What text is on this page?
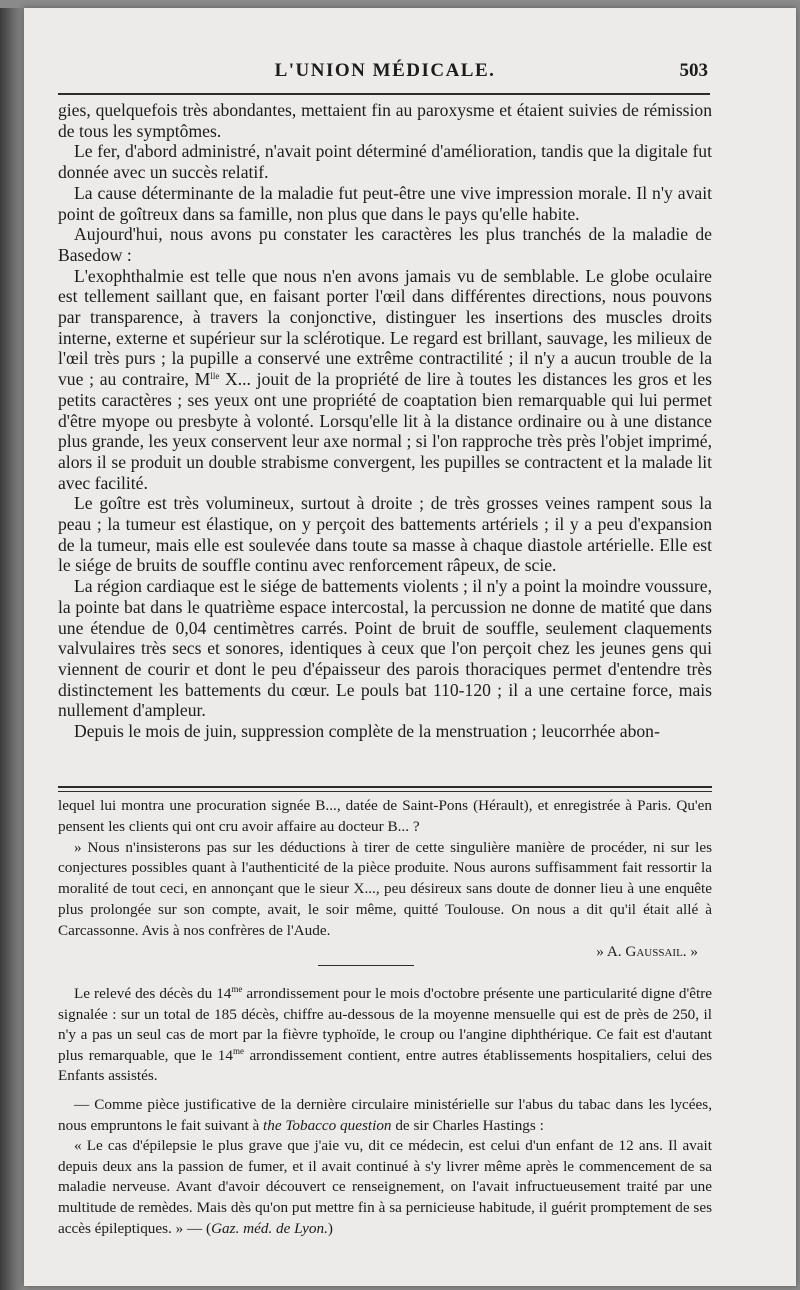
L'UNION MÉDICALE.	503

gies, quelquefois très abondantes, mettaient fin au paroxysme et étaient suivies de rémission de tous les symptômes.

Le fer, d'abord administré, n'avait point déterminé d'amélioration, tandis que la digitale fut donnée avec un succès relatif.

La cause déterminante de la maladie fut peut-être une vive impression morale. Il n'y avait point de goîtreux dans sa famille, non plus que dans le pays qu'elle habite.

Aujourd'hui, nous avons pu constater les caractères les plus tranchés de la maladie de Basedow :

L'exophthalmie est telle que nous n'en avons jamais vu de semblable. Le globe oculaire est tellement saillant que, en faisant porter l'œil dans différentes directions, nous pouvons par transparence, à travers la conjonctive, distinguer les insertions des muscles droits interne, externe et supérieur sur la sclérotique. Le regard est brillant, sauvage, les milieux de l'œil très purs ; la pupille a conservé une extrême contractilité ; il n'y a aucun trouble de la vue ; au contraire, $M^{lle}$ X... jouit de la propriété de lire à toutes les distances les gros et les petits caractères ; ses yeux ont une propriété de coaptation bien remarquable qui lui permet d'être myope ou presbyte à volonté. Lorsqu'elle lit à la distance ordinaire ou à une distance plus grande, les yeux conservent leur axe normal ; si l'on rapproche très près l'objet imprimé, alors il se produit un double strabisme convergent, les pupilles se contractent et la malade lit avec facilité.

Le goître est très volumineux, surtout à droite ; de très grosses veines rampent sous la peau ; la tumeur est élastique, on y perçoit des battements artériels ; il y a peu d'expansion de la tumeur, mais elle est soulevée dans toute sa masse à chaque diastole artérielle. Elle est le siége de bruits de souffle continu avec renforcement râpeux, de scie.

La région cardiaque est le siége de battements violents ; il n'y a point la moindre voussure, la pointe bat dans le quatrième espace intercostal, la percussion ne donne de matité que dans une étendue de 0,04 centimètres carrés. Point de bruit de souffle, seulement claquements valvulaires très secs et sonores, identiques à ceux que l'on perçoit chez les jeunes gens qui viennent de courir et dont le peu d'épaisseur des parois thoraciques permet d'entendre très distinctement les battements du cœur. Le pouls bat 110-120 ; il a une certaine force, mais nullement d'ampleur.

Depuis le mois de juin, suppression complète de la menstruation ; leucorrhée abon-

lequel lui montra une procuration signée B..., datée de Saint-Pons (Hérault), et enregistrée à Paris. Qu'en pensent les clients qui ont cru avoir affaire au docteur B... ?

» Nous n'insisterons pas sur les déductions à tirer de cette singulière manière de procéder, ni sur les conjectures possibles quant à l'authenticité de la pièce produite. Nous aurons suffisamment fait ressortir la moralité de tout ceci, en annonçant que le sieur X..., peu désireux sans doute de donner lieu à une enquête plus prolongée sur son compte, avait, le soir même, quitté Toulouse. On nous a dit qu'il était allé à Carcassonne. Avis à nos confrères de l'Aude.

» A. Gaussail. »

Le relevé des décès du $14^{me}$ arrondissement pour le mois d'octobre présente une particularité digne d'être signalée : sur un total de 185 décès, chiffre au-dessous de la moyenne mensuelle qui est de près de 250, il n'y a pas un seul cas de mort par la fièvre typhoïde, le croup ou l'angine diphthérique. Ce fait est d'autant plus remarquable, que le $14^{me}$ arrondissement contient, entre autres établissements hospitaliers, celui des Enfants assistés.

— Comme pièce justificative de la dernière circulaire ministérielle sur l'abus du tabac dans les lycées, nous empruntons le fait suivant à the Tobacco question de sir Charles Hastings :

« Le cas d'épilepsie le plus grave que j'aie vu, dit ce médecin, est celui d'un enfant de 12 ans. Il avait depuis deux ans la passion de fumer, et il avait continué à s'y livrer même après le commencement de sa maladie nerveuse. Avant d'avoir découvert ce renseignement, on l'avait infructueusement traité par une multitude de remèdes. Mais dès qu'on put mettre fin à sa pernicieuse habitude, il guérit promptement de ses accès épileptiques. » — (Gaz. méd. de Lyon.)
